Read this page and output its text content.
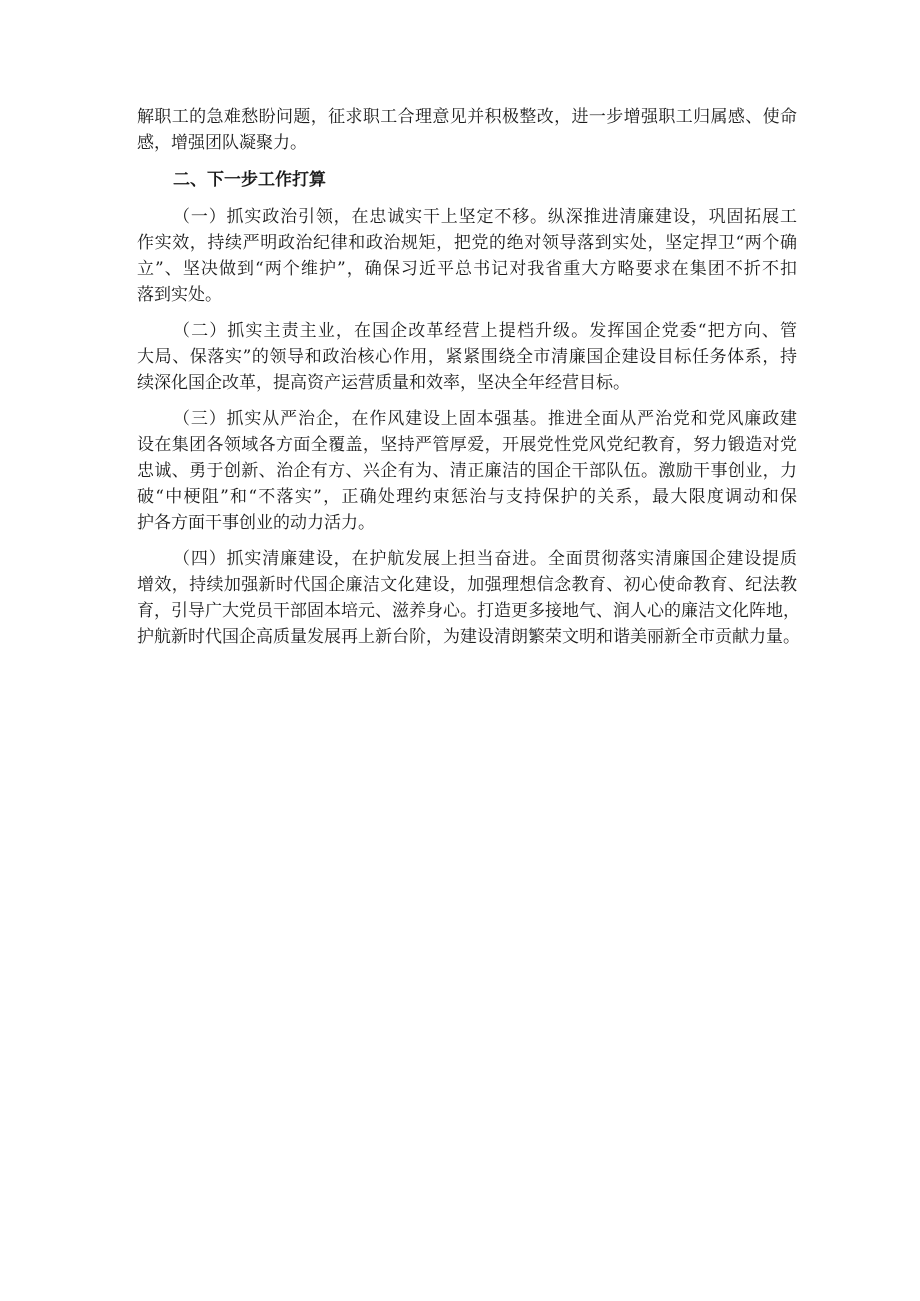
解职工的急难愁盼问题，征求职工合理意见并积极整改，进一步增强职工归属感、使命
感，增强团队凝聚力。
二、下一步工作打算
（一）抓实政治引领，在忠诚实干上坚定不移。纵深推进清廉建设，巩固拓展工
作实效，持续严明政治纪律和政治规矩，把党的绝对领导落到实处，坚定捍卫“两个确
立”、坚决做到“两个维护”，确保习近平总书记对我省重大方略要求在集团不折不扣
落到实处。
（二）抓实主责主业，在国企改革经营上提档升级。发挥国企党委“把方向、管
大局、保落实”的领导和政治核心作用，紧紧围绕全市清廉国企建设目标任务体系，持
续深化国企改革，提高资产运营质量和效率，坚决全年经营目标。
（三）抓实从严治企，在作风建设上固本强基。推进全面从严治党和党风廉政建
设在集团各领域各方面全覆盖，坚持严管厚爱，开展党性党风党纪教育，努力锻造对党
忠诚、勇于创新、治企有方、兴企有为、清正廉洁的国企干部队伍。激励干事创业，力
破“中梗阻”和“不落实”，正确处理约束惩治与支持保护的关系，最大限度调动和保
护各方面干事创业的动力活力。
（四）抓实清廉建设，在护航发展上担当奋进。全面贯彻落实清廉国企建设提质
增效，持续加强新时代国企廉洁文化建设，加强理想信念教育、初心使命教育、纪法教
育，引导广大党员干部固本培元、滋养身心。打造更多接地气、润人心的廉洁文化阵地，
护航新时代国企高质量发展再上新台阶，为建设清朗繁荣文明和谐美丽新全市贡献力量。
